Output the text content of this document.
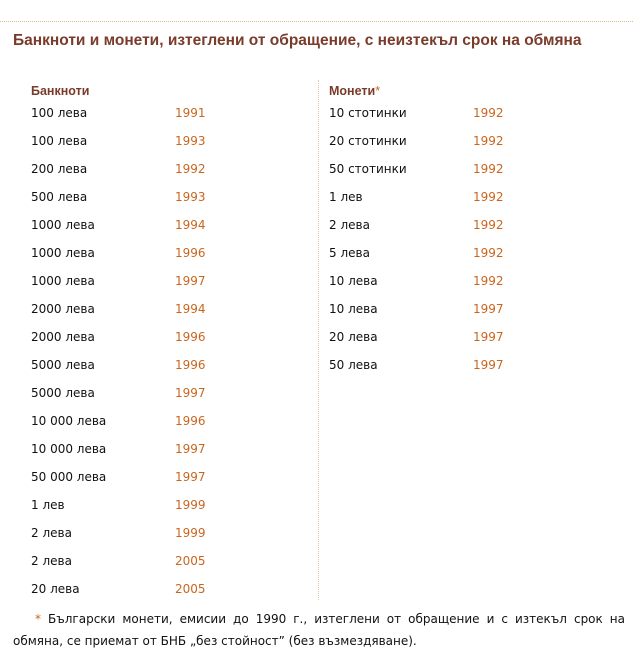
Банкноти и монети, изтеглени от обращение, с неизтекъл срок на обмяна
Банкноти
100 лева	1991
100 лева	1993
200 лева	1992
500 лева	1993
1000 лева	1994
1000 лева	1996
1000 лева	1997
2000 лева	1994
2000 лева	1996
5000 лева	1996
5000 лева	1997
10 000 лева	1996
10 000 лева	1997
50 000 лева	1997
1 лев	1999
2 лева	1999
2 лева	2005
20 лева	2005
Монети*
10 стотинки	1992
20 стотинки	1992
50 стотинки	1992
1 лев	1992
2 лева	1992
5 лева	1992
10 лева	1992
10 лева	1997
20 лева	1997
50 лева	1997

* Български монети, емисии до 1990 г., изтеглени от обращение и с изтекъл срок на обмяна, се приемат от БНБ „без стойност” (без възмездяване).
